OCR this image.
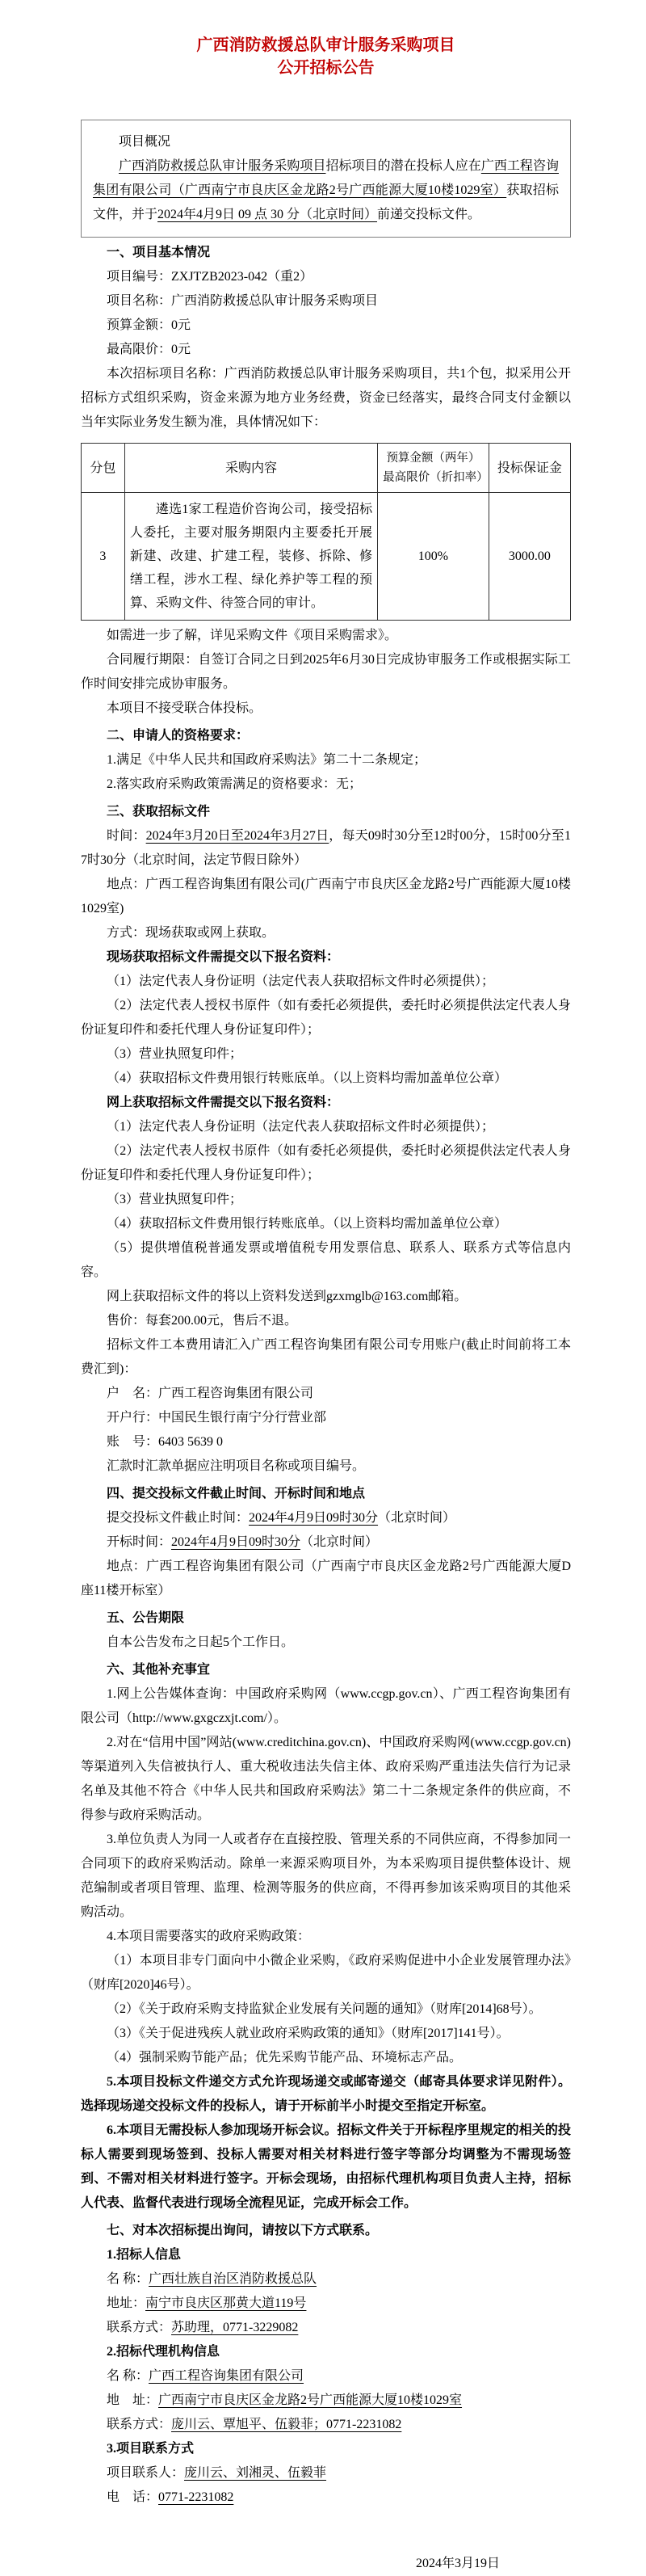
广西消防救援总队审计服务采购项目
公开招标公告

项目概况

广西消防救援总队审计服务采购项目招标项目的潜在投标人应在广西工程咨询集团有限公司（广西南宁市良庆区金龙路2号广西能源大厦10楼1029室）获取招标文件，并于2024年4月9日 09 点 30 分（北京时间）前递交投标文件。

一、项目基本情况

项目编号：ZXJTZB2023-042（重2）

项目名称：广西消防救援总队审计服务采购项目

预算金额：0元

最高限价：0元

本次招标项目名称：广西消防救援总队审计服务采购项目，共1个包，拟采用公开招标方式组织采购，资金来源为地方业务经费，资金已经落实，最终合同支付金额以当年实际业务发生额为准，具体情况如下：

分包	采购内容	预算金额（两年）
最高限价（折扣率）	投标保证金
3	遴选1家工程造价咨询公司，接受招标人委托，主要对服务期限内主要委托开展新建、改建、扩建工程，装修、拆除、修缮工程，涉水工程、绿化养护等工程的预算、采购文件、待签合同的审计。	100%	3000.00

如需进一步了解，详见采购文件《项目采购需求》。

合同履行期限：自签订合同之日到2025年6月30日完成协审服务工作或根据实际工作时间安排完成协审服务。

本项目不接受联合体投标。

二、申请人的资格要求：

1.满足《中华人民共和国政府采购法》第二十二条规定；

2.落实政府采购政策需满足的资格要求：无；

三、获取招标文件

时间：2024年3月20日至2024年3月27日，每天09时30分至12时00分，15时00分至17时30分（北京时间，法定节假日除外）

地点：广西工程咨询集团有限公司(广西南宁市良庆区金龙路2号广西能源大厦10楼1029室)

方式：现场获取或网上获取。

现场获取招标文件需提交以下报名资料：

（1）法定代表人身份证明（法定代表人获取招标文件时必须提供）；

（2）法定代表人授权书原件（如有委托必须提供，委托时必须提供法定代表人身份证复印件和委托代理人身份证复印件）；

（3）营业执照复印件；

（4）获取招标文件费用银行转账底单。（以上资料均需加盖单位公章）

网上获取招标文件需提交以下报名资料：

（1）法定代表人身份证明（法定代表人获取招标文件时必须提供）；

（2）法定代表人授权书原件（如有委托必须提供，委托时必须提供法定代表人身份证复印件和委托代理人身份证复印件）；

（3）营业执照复印件；

（4）获取招标文件费用银行转账底单。（以上资料均需加盖单位公章）

（5）提供增值税普通发票或增值税专用发票信息、联系人、联系方式等信息内容。

网上获取招标文件的将以上资料发送到gzxmglb@163.com邮箱。

售价：每套200.00元，售后不退。

招标文件工本费用请汇入广西工程咨询集团有限公司专用账户(截止时间前将工本费汇到)：

户　名：广西工程咨询集团有限公司

开户行：中国民生银行南宁分行营业部

账　号：6403 5639 0

汇款时汇款单据应注明项目名称或项目编号。

四、提交投标文件截止时间、开标时间和地点

提交投标文件截止时间：2024年4月9日09时30分（北京时间）

开标时间：2024年4月9日09时30分（北京时间）

地点：广西工程咨询集团有限公司（广西南宁市良庆区金龙路2号广西能源大厦D座11楼开标室）

五、公告期限

自本公告发布之日起5个工作日。

六、其他补充事宜

1.网上公告媒体查询：中国政府采购网（www.ccgp.gov.cn）、广西工程咨询集团有限公司（http://www.gxgczxjt.com/）。

2.对在“信用中国”网站(www.creditchina.gov.cn)、中国政府采购网(www.ccgp.gov.cn)等渠道列入失信被执行人、重大税收违法失信主体、政府采购严重违法失信行为记录名单及其他不符合《中华人民共和国政府采购法》第二十二条规定条件的供应商，不得参与政府采购活动。

3.单位负责人为同一人或者存在直接控股、管理关系的不同供应商，不得参加同一合同项下的政府采购活动。除单一来源采购项目外，为本采购项目提供整体设计、规范编制或者项目管理、监理、检测等服务的供应商，不得再参加该采购项目的其他采购活动。

4.本项目需要落实的政府采购政策：

（1）本项目非专门面向中小微企业采购，《政府采购促进中小企业发展管理办法》（财库[2020]46号）。

（2）《关于政府采购支持监狱企业发展有关问题的通知》（财库[2014]68号）。

（3）《关于促进残疾人就业政府采购政策的通知》（财库[2017]141号）。

（4）强制采购节能产品；优先采购节能产品、环境标志产品。

5.本项目投标文件递交方式允许现场递交或邮寄递交（邮寄具体要求详见附件）。选择现场递交投标文件的投标人，请于开标前半小时提交至指定开标室。

6.本项目无需投标人参加现场开标会议。招标文件关于开标程序里规定的相关的投标人需要到现场签到、投标人需要对相关材料进行签字等部分均调整为不需现场签到、不需对相关材料进行签字。开标会现场，由招标代理机构项目负责人主持，招标人代表、监督代表进行现场全流程见证，完成开标会工作。

七、对本次招标提出询问，请按以下方式联系。

1.招标人信息

名 称：广西壮族自治区消防救援总队

地址：南宁市良庆区那黄大道119号

联系方式：苏助理，0771-3229082

2.招标代理机构信息

名 称：广西工程咨询集团有限公司

地　址：广西南宁市良庆区金龙路2号广西能源大厦10楼1029室

联系方式：庞川云、覃旭平、伍毅菲；0771-2231082

3.项目联系方式

项目联系人：庞川云、刘湘灵、伍毅菲

电　话：0771-2231082

2024年3月19日
